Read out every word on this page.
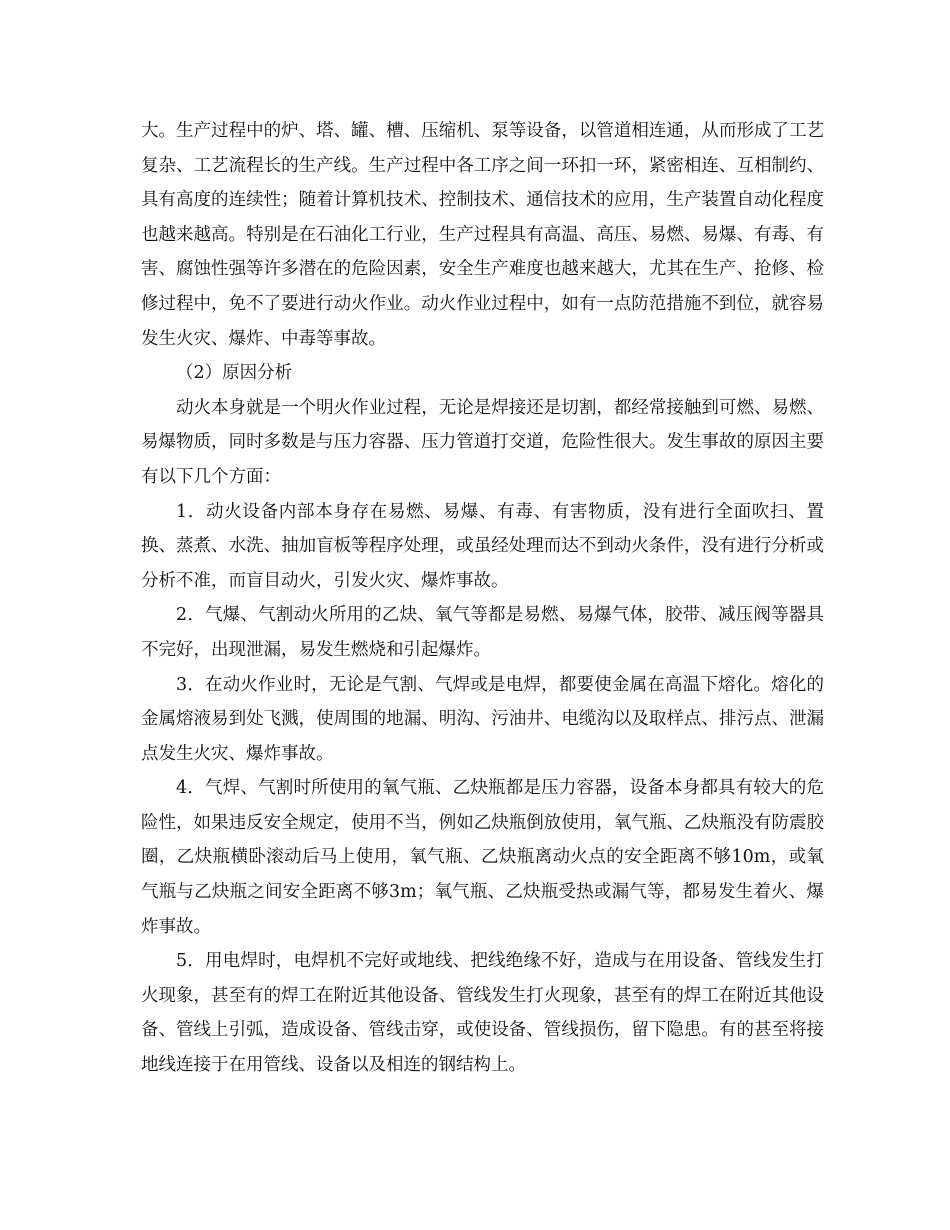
大。生产过程中的炉、塔、罐、槽、压缩机、泵等设备，以管道相连通，从而形成了工艺复杂、工艺流程长的生产线。生产过程中各工序之间一环扣一环，紧密相连、互相制约、具有高度的连续性；随着计算机技术、控制技术、通信技术的应用，生产装置自动化程度也越来越高。特别是在石油化工行业，生产过程具有高温、高压、易燃、易爆、有毒、有害、腐蚀性强等许多潜在的危险因素，安全生产难度也越来越大，尤其在生产、抢修、检修过程中，免不了要进行动火作业。动火作业过程中，如有一点防范措施不到位，就容易发生火灾、爆炸、中毒等事故。

（2）原因分析

动火本身就是一个明火作业过程，无论是焊接还是切割，都经常接触到可燃、易燃、易爆物质，同时多数是与压力容器、压力管道打交道，危险性很大。发生事故的原因主要有以下几个方面：

1．动火设备内部本身存在易燃、易爆、有毒、有害物质，没有进行全面吹扫、置换、蒸煮、水洗、抽加盲板等程序处理，或虽经处理而达不到动火条件，没有进行分析或分析不准，而盲目动火，引发火灾、爆炸事故。

2．气爆、气割动火所用的乙炔、氧气等都是易燃、易爆气体，胶带、减压阀等器具不完好，出现泄漏，易发生燃烧和引起爆炸。

3．在动火作业时，无论是气割、气焊或是电焊，都要使金属在高温下熔化。熔化的金属熔液易到处飞溅，使周围的地漏、明沟、污油井、电缆沟以及取样点、排污点、泄漏点发生火灾、爆炸事故。

4．气焊、气割时所使用的氧气瓶、乙炔瓶都是压力容器，设备本身都具有较大的危险性，如果违反安全规定，使用不当，例如乙炔瓶倒放使用，氧气瓶、乙炔瓶没有防震胶圈，乙炔瓶横卧滚动后马上使用，氧气瓶、乙炔瓶离动火点的安全距离不够10m，或氧气瓶与乙炔瓶之间安全距离不够3m；氧气瓶、乙炔瓶受热或漏气等，都易发生着火、爆炸事故。

5．用电焊时，电焊机不完好或地线、把线绝缘不好，造成与在用设备、管线发生打火现象，甚至有的焊工在附近其他设备、管线发生打火现象，甚至有的焊工在附近其他设备、管线上引弧，造成设备、管线击穿，或使设备、管线损伤，留下隐患。有的甚至将接地线连接于在用管线、设备以及相连的钢结构上。
